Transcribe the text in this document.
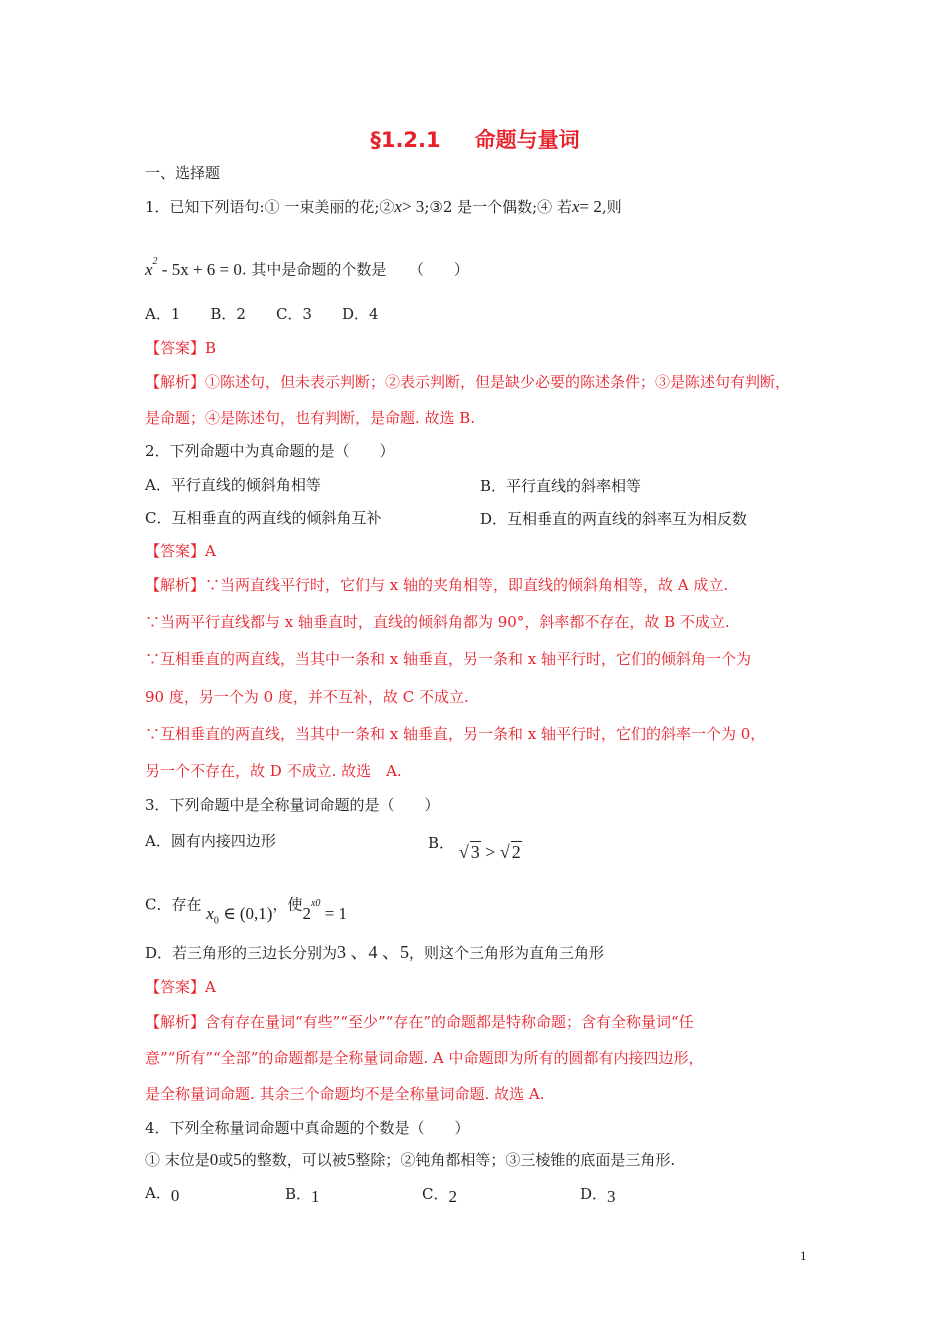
§1.2.1 命题与量词
一、选择题
1．已知下列语句:① 一束美丽的花;②x> 3;③2 是一个偶数;④ 若x= 2,则
$x^2 - 5x + 6 = 0$. 其中是命题的个数是　　（　　）
A．1　　B．2　　C．3　　D．4
【答案】B
【解析】①陈述句，但未表示判断；②表示判断，但是缺少必要的陈述条件；③是陈述句有判断，
是命题；④是陈述句，也有判断，是命题. 故选 B.
2．下列命题中为真命题的是（　　）
A．平行直线的倾斜角相等	B．平行直线的斜率相等
C．互相垂直的两直线的倾斜角互补	D．互相垂直的两直线的斜率互为相反数
【答案】A
【解析】∵当两直线平行时，它们与 x 轴的夹角相等，即直线的倾斜角相等，故 A 成立.
∵当两平行直线都与 x 轴垂直时，直线的倾斜角都为 90°，斜率都不存在，故 B 不成立.
∵互相垂直的两直线，当其中一条和 x 轴垂直，另一条和 x 轴平行时，它们的倾斜角一个为
90 度，另一个为 0 度，并不互补，故 C 不成立.
∵互相垂直的两直线，当其中一条和 x 轴垂直，另一条和 x 轴平行时，它们的斜率一个为 0，
另一个不存在，故 D 不成立. 故选　A.
3．下列命题中是全称量词命题的是（　　）
A．圆有内接四边形	B． √ 3 > √ 2
C．存在 $x_0$ ∈ (0,1)，使$2^{x0} = 1$
D．若三角形的三边长分别为3 、4 、5，则这个三角形为直角三角形
【答案】A
【解析】含有存在量词“有些”“至少”“存在”的命题都是特称命题；含有全称量词“任
意”“所有”“全部”的命题都是全称量词命题. A 中命题即为所有的圆都有内接四边形，
是全称量词命题. 其余三个命题均不是全称量词命题. 故选 A.
4．下列全称量词命题中真命题的个数是（　　）
① 末位是0或5的整数，可以被5整除；②钝角都相等；③三棱锥的底面是三角形.
A．0	B．1	C．2	D．3
1
